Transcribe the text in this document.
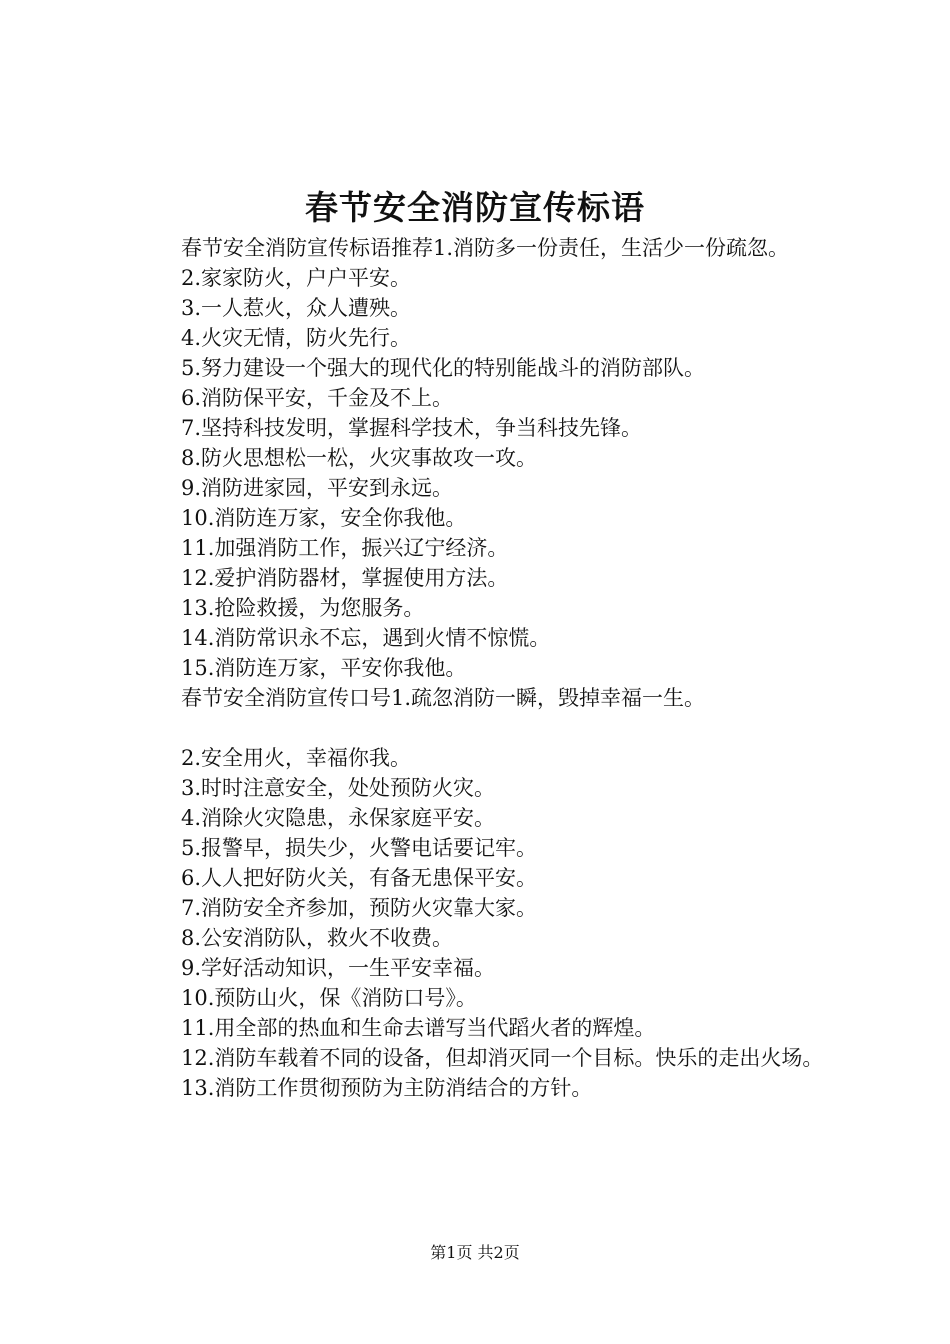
春节安全消防宣传标语

春节安全消防宣传标语推荐1.消防多一份责任，生活少一份疏忽。

2.家家防火，户户平安。

3.一人惹火，众人遭殃。

4.火灾无情，防火先行。

5.努力建设一个强大的现代化的特别能战斗的消防部队。

6.消防保平安，千金及不上。

7.坚持科技发明，掌握科学技术，争当科技先锋。

8.防火思想松一松，火灾事故攻一攻。

9.消防进家园，平安到永远。

10.消防连万家，安全你我他。

11.加强消防工作，振兴辽宁经济。

12.爱护消防器材，掌握使用方法。

13.抢险救援，为您服务。

14.消防常识永不忘，遇到火情不惊慌。

15.消防连万家，平安你我他。

春节安全消防宣传口号1.疏忽消防一瞬，毁掉幸福一生。

2.安全用火，幸福你我。

3.时时注意安全，处处预防火灾。

4.消除火灾隐患，永保家庭平安。

5.报警早，损失少，火警电话要记牢。

6.人人把好防火关，有备无患保平安。

7.消防安全齐参加，预防火灾靠大家。

8.公安消防队，救火不收费。

9.学好活动知识，一生平安幸福。

10.预防山火，保《消防口号》。

11.用全部的热血和生命去谱写当代蹈火者的辉煌。

12.消防车载着不同的设备，但却消灭同一个目标。快乐的走出火场。

13.消防工作贯彻预防为主防消结合的方针。

第1页 共2页
